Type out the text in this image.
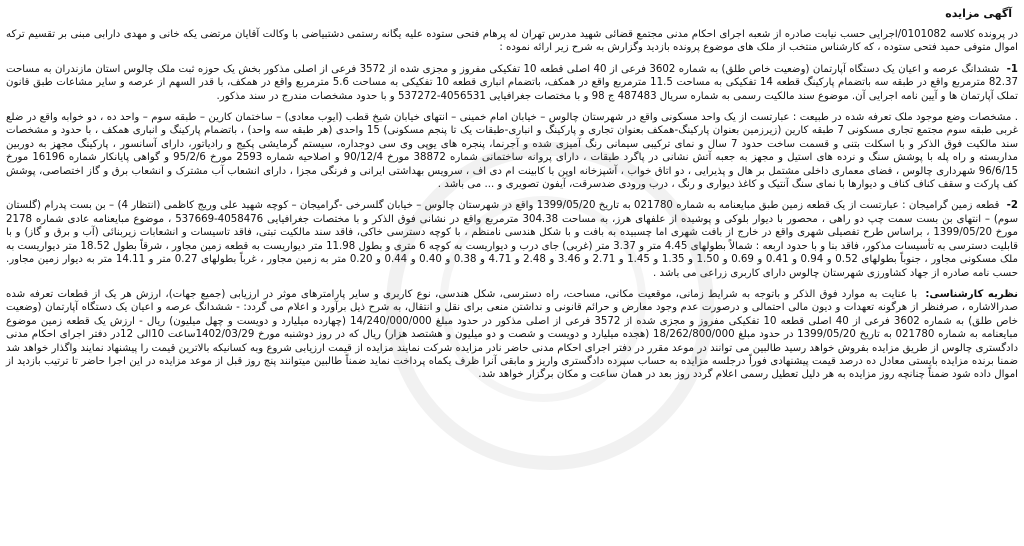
آگهی مزایده
در پرونده کلاسه 0101082/اجرایی حسب نیابت صادره از شعبه اجرای احکام مدنی مجتمع قضائی شهید مدرس تهران له پرهام فتحی ستوده علیه یگانه رستمی دشتبیاضی با وکالت آقایان مرتضی یکه خانی و مهدی دارابی مبنی بر تقسیم ترکه اموال متوفی حمید فتحی ستوده ، که کارشناس منتخب از ملک های موضوع پرونده بازدید وگزارش به شرح زیر ارائه نموده :
1- ششدانگ عرصه و اعیان یک دستگاه آپارتمان (وضعیت خاص طلق) به شماره 3602 فرعی از 40 اصلی قطعه 10 تفکیکی مفروز و مجزی شده از 3572 فرعی از اصلی مذکور بخش یک حوزه ثبت ملک چالوس استان مازندران به مساحت 82.37 مترمربع واقع در طبقه سه باتضمام پارکینگ قطعه 14 تفکیکی به مساحت 11.5 مترمربع واقع در همکف، باتضمام انباری قطعه 10 تفکیکی به مساحت 5.6 مترمربع واقع در همکف، با قدر السهم از عرصه و سایر مشاعات طبق قانون تملک آپارتمان ها و آیین نامه اجرایی آن. موضوع سند مالکیت رسمی به شماره سریال 487483 ج 98 و با مختصات جغرافیایی 4056531-537272 و با حدود مشخصات مندرج در سند مذکور.
. مشخصات وضع موجود ملک تعرفه شده در طبیعت : عبارتست از یک واحد مسکونی واقع در شهرستان چالوس – خیابان امام خمینی – انتهای خیابان شیخ قطب (ایوب معادی) – ساختمان کارین – طبقه سوم – واحد ده ، دو خوابه واقع در ضلع غربی طبقه سوم مجتمع تجاری مسکونی 7 طبقه کارین (زیرزمین بعنوان پارکینگ-همکف بعنوان تجاری و پارکینگ و انباری-طبقات یک تا پنجم مسکونی) 15 واحدی (هر طبقه سه واحد) ، باتضمام پارکینگ و انباری همکف ، با حدود و مشخصات سند مالکیت فوق الذکر و با اسکلت بتنی و قسمت ساخت حدود 7 سال و نمای ترکیبی سیمانی رنگ آمیزی شده و آجرنما، پنجره های یوپی وی سی دوجداره، سیستم گرمایشی پکیج و رادیاتور، دارای آسانسور ، پارکینگ مجهز به دوربین مداربسته و راه پله با پوشش سنگ و نرده های استیل و مجهز به جعبه آتش نشانی در پاگرد طبقات ، دارای پروانه ساختمانی شماره 38872 مورخ 90/12/4 و اصلاحیه شماره 2593 مورخ 95/2/6 و گواهی پایانکار شماره 16196 مورخ 96/6/15 شهرداری چالوس ، فضای معماری داخلی مشتمل بر هال و پذیرایی ، دو اتاق خواب ، آشپزخانه اوپن با کابینت ام دی اف ، سرویس بهداشتی ایرانی و فرنگی مجزا ، دارای انشعاب آب مشترک و انشعاب برق و گاز اختصاصی، پوشش کف پارکت و سقف کناف کناف و دیوارها با نمای سنگ آنتیک و کاغذ دیواری و رنگ ، درب ورودی ضدسرقت، آیفون تصویری و ... می باشد .
2- قطعه زمین گرامیجان : عبارتست از یک قطعه زمین طبق مبایعنامه به شماره 021780 به تاریخ 1399/05/20 واقع در شهرستان چالوس – خیابان گلسرخی -گرامیجان – کوچه شهید علی وریج کاظمی (انتظار 4) – بن بست پدرام (گلستان سوم) – انتهای بن بست سمت چپ دو راهی ، محصور با دیوار بلوکی و پوشیده از علفهای هرز، به مساحت 304.38 مترمربع واقع در نشانی فوق الذکر و با مختصات جغرافیایی 4058476-537669 ، موضوع مبایعنامه عادی شماره 2178 مورخ 1399/05/20 ، براساس طرح تفصیلی شهری واقع در خارج از بافت شهری اما چسبیده به بافت و با شکل هندسی نامنظم ، با کوچه دسترسی خاکی، فاقد سند مالکیت تبتی، فاقد تاسیسات و انشعابات زیربنائی (آب و برق و گاز) و با قابلیت دسترسی به تأسیسات مذکور، فاقد بنا و با حدود اربعه : شمالاً بطولهای 4.45 متر و 3.37 متر (غربی) جای درب و دیواریست به کوچه 6 متری و بطول 11.98 متر دیواریست به قطعه زمین مجاور ، شرقاً بطول 18.52 متر دیواریست به ملک مسکونی مجاور ، جنوباً بطولهای 0.52 و 0.94 و 0.41 و 0.69 و 1.50 و 1.35 و 1.45 و 2.71 و 3.46 و 2.48 و 4.71 و 0.38 و 0.40 و 0.44 و 0.20 متر به زمین مجاور ، غرباً بطولهای 0.27 متر و 14.11 متر به دیوار زمین مجاور. حسب نامه صادره از جهاد کشاورزی شهرستان چالوس دارای کاربری زراعی می باشد .
نظریه کارشناسی: با عنایت به موارد فوق الذکر و باتوجه به شرایط زمانی، موقعیت مکانی، مساحت، راه دسترسی، شکل هندسی، نوع کاربری و سایر پارامترهای موثر در ارزیابی (جمیع جهات)، ارزش هر یک از قطعات تعرفه شده صدرالاشاره ، صرفنظر از هرگونه تعهدات و دیون مالی احتمالی و درصورت عدم وجود معارض و حرائم قانونی و نداشتن منعی برای نقل و انتقال، به شرح ذیل برآورد و اعلام می گردد: - ششدانگ عرصه و اعیان یک دستگاه آپارتمان (وضعیت خاص طلق) به شماره 3602 فرعی از 40 اصلی قطعه 10 تفکیکی مفروز و مجزی شده از 3572 فرعی از اصلی مذکور در حدود مبلغ 14/240/000/000 (چهارده میلیارد و دویست و چهل میلیون) ریال - ارزش یک قطعه زمین موضوع مبایعنامه به شماره 021780 به تاریخ 1399/05/20 در حدود مبلغ 18/262/800/000 (هجده میلیارد و دویست و شصت و دو میلیون و هشتصد هزار) ریال که در روز دوشنبه مورخ 1402/03/29ساعت 10الی 12در دفتر اجرای احکام مدنی دادگستری چالوس از طریق مزایده بفروش خواهد رسید طالبین می توانند در موعد مقرر در دفتر اجرای احکام مدنی حاضر نادر مزایده شرکت نمایند مزایده از قیمت ارزیابی شروع وبه کسانیکه بالاترین قیمت را پیشنهاد نمایند واگذار خواهد شد ضمنا برنده مزایده بایستی معادل ده درصد قیمت پیشنهادی فوراً درجلسه مزایده به حساب سپرده دادگستری واریز و مابقی آنرا ظرف یکماه پرداخت نماید ضمناً طالبین میتوانند پنج روز قبل از موعد مزایده در این اجرا حاضر تا ترتیب بازدید از اموال داده شود ضمناً چنانچه روز مزایده به هر دلیل تعطیل رسمی اعلام گردد روز بعد در همان ساعت و مکان برگزار خواهد شد.
